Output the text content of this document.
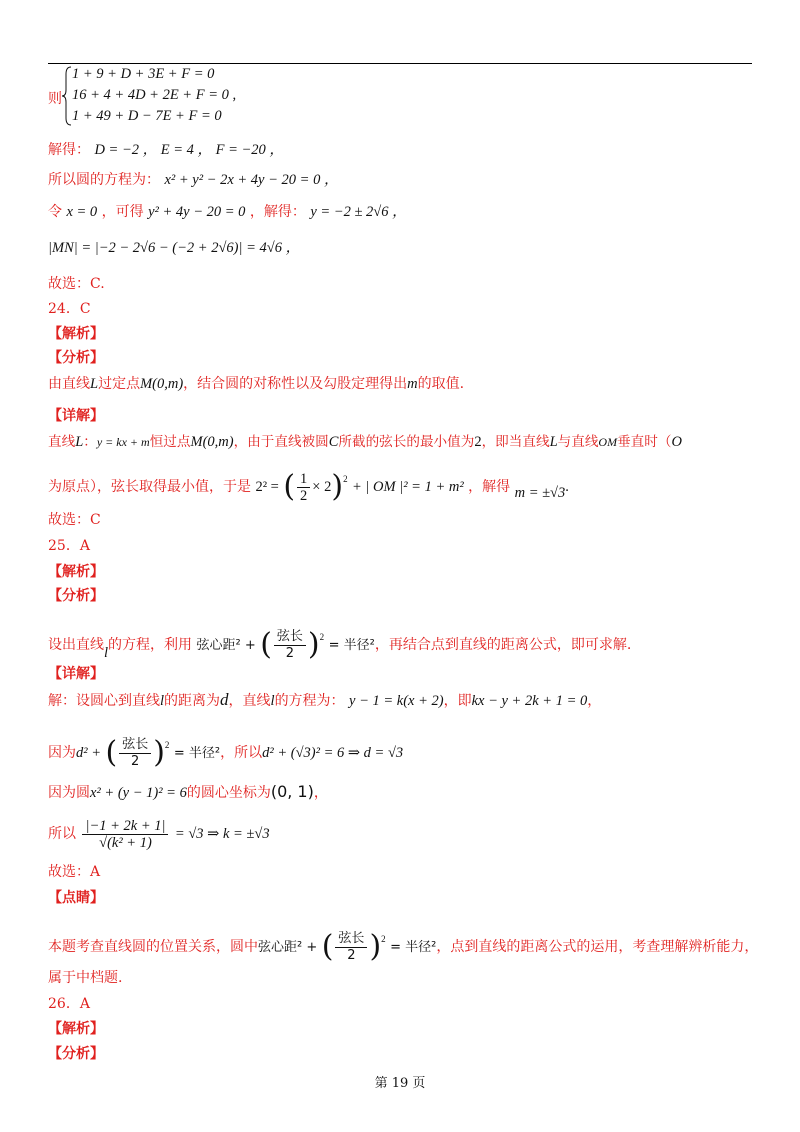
则
1 + 9 + D + 3E + F = 0
16 + 4 + 4D + 2E + F = 0 ,
1 + 49 + D − 7E + F = 0
解得： D = −2 ， E = 4 ， F = −20 ，
所以圆的方程为： x² + y² − 2x + 4y − 20 = 0 ，
令 x = 0 ，可得 y² + 4y − 20 = 0 ，解得： y = −2 ± 2√6 ，
|MN| = |−2 − 2√6 − (−2 + 2√6)| = 4√6 ，
故选：C.
24．C
【解析】
【分析】
由直线L过定点M(0,m)，结合圆的对称性以及勾股定理得出m的取值.
【详解】
直线L：y = kx + m恒过点M(0,m)，由于直线被圆C所截的弦长的最小值为2，即当直线L与直线OM垂直时（O
为原点），弦长取得最小值，于是 2² = ( $\frac{1}{2} \times 2)^2$ + | OM |² = 1 + m² ，解得 m = ±√3.
故选：C
25．A
【解析】
【分析】
设出直线l的方程，利用 弦心距² + ( $\frac{\text{弦长}}{2} )^2$ = 半径²，再结合点到直线的距离公式，即可求解.
【详解】
解：设圆心到直线l的距离为d，直线l的方程为： y − 1 = k(x + 2)，即kx − y + 2k + 1 = 0，
因为d² + ( $\frac{\text{弦长}}{2} )^2$ = 半径²，所以d² + (√3)² = 6 ⇒ d = √3
因为圆x² + (y − 1)² = 6的圆心坐标为(0, 1)，
所以 $\frac{|-1 + 2k + 1|}{\text{√(k² + 1)}} = √3$ ⇒ k = ±√3
故选：A
【点睛】
本题考查直线圆的位置关系，圆中弦心距² + ( $\frac{\text{弦长}}{2} )^2$ = 半径²，点到直线的距离公式的运用，考查理解辨析能力，
属于中档题.
26．A
【解析】
【分析】
第 19 页
